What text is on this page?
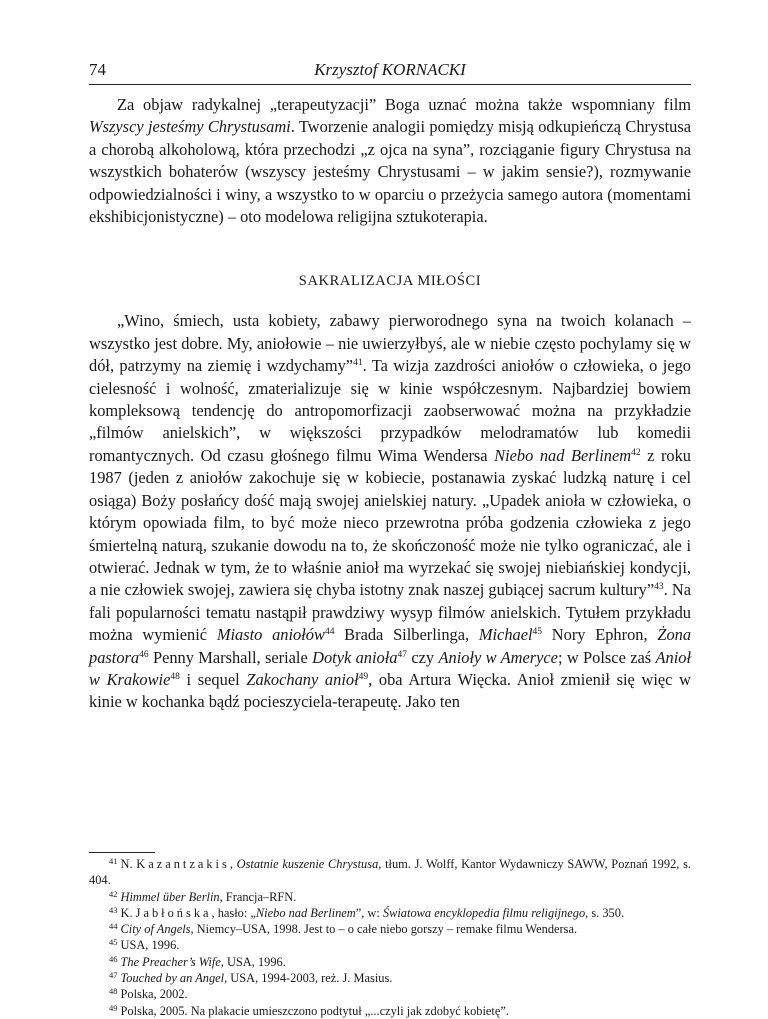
74	Krzysztof KORNACKI

Za objaw radykalnej „terapeutyzacji” Boga uznać można także wspomniany film Wszyscy jesteśmy Chrystusami. Tworzenie analogii pomiędzy misją odkupieńczą Chrystusa a chorobą alkoholową, która przechodzi „z ojca na syna”, rozciąganie figury Chrystusa na wszystkich bohaterów (wszyscy jesteśmy Chrystusami – w jakim sensie?), rozmywanie odpowiedzialności i winy, a wszystko to w oparciu o przeżycia samego autora (momentami ekshibicjonistyczne) – oto modelowa religijna sztukoterapia.

SAKRALIZACJA MIŁOŚCI

„Wino, śmiech, usta kobiety, zabawy pierworodnego syna na twoich kolanach – wszystko jest dobre. My, aniołowie – nie uwierzyłbyś, ale w niebie często pochylamy się w dół, patrzymy na ziemię i wzdychamy”$^{41}$. Ta wizja zazdrości aniołów o człowieka, o jego cielesność i wolność, zmaterializuje się w kinie współczesnym. Najbardziej bowiem kompleksową tendencję do antropomorfizacji zaobserwować można na przykładzie „filmów anielskich”, w większości przypadków melodramatów lub komedii romantycznych. Od czasu głośnego filmu Wima Wendersa Niebo nad Berlinem$^{42}$ z roku 1987 (jeden z aniołów zakochuje się w kobiecie, postanawia zyskać ludzką naturę i cel osiąga) Boży posłańcy dość mają swojej anielskiej natury. „Upadek anioła w człowieka, o którym opowiada film, to być może nieco przewrotna próba godzenia człowieka z jego śmiertelną naturą, szukanie dowodu na to, że skończoność może nie tylko ograniczać, ale i otwierać. Jednak w tym, że to właśnie anioł ma wyrzekać się swojej niebiańskiej kondycji, a nie człowiek swojej, zawiera się chyba istotny znak naszej gubiącej sacrum kultury”$^{43}$. Na fali popularności tematu nastąpił prawdziwy wysyp filmów anielskich. Tytułem przykładu można wymienić Miasto aniołów$^{44}$ Brada Silberlinga, Michael$^{45}$ Nory Ephron, Żona pastora$^{46}$ Penny Marshall, seriale Dotyk anioła$^{47}$ czy Anioły w Ameryce; w Polsce zaś Anioł w Krakowie$^{48}$ i sequel Zakochany anioł$^{49}$, oba Artura Więcka. Anioł zmienił się więc w kinie w kochanka bądź pocieszyciela-terapeutę. Jako ten

$^{41}$ N. Kazantzakis, Ostatnie kuszenie Chrystusa, tłum. J. Wolff, Kantor Wydawniczy SAWW, Poznań 1992, s. 404.

$^{42}$ Himmel über Berlin, Francja–RFN.

$^{43}$ K. Jabłońska, hasło: „Niebo nad Berlinem”, w: Światowa encyklopedia filmu religijnego, s. 350.

$^{44}$ City of Angels, Niemcy–USA, 1998. Jest to – o całe niebo gorszy – remake filmu Wendersa.

$^{45}$ USA, 1996.

$^{46}$ The Preacher’s Wife, USA, 1996.

$^{47}$ Touched by an Angel, USA, 1994-2003, reż. J. Masius.

$^{48}$ Polska, 2002.

$^{49}$ Polska, 2005. Na plakacie umieszczono podtytuł „...czyli jak zdobyć kobietę”.
